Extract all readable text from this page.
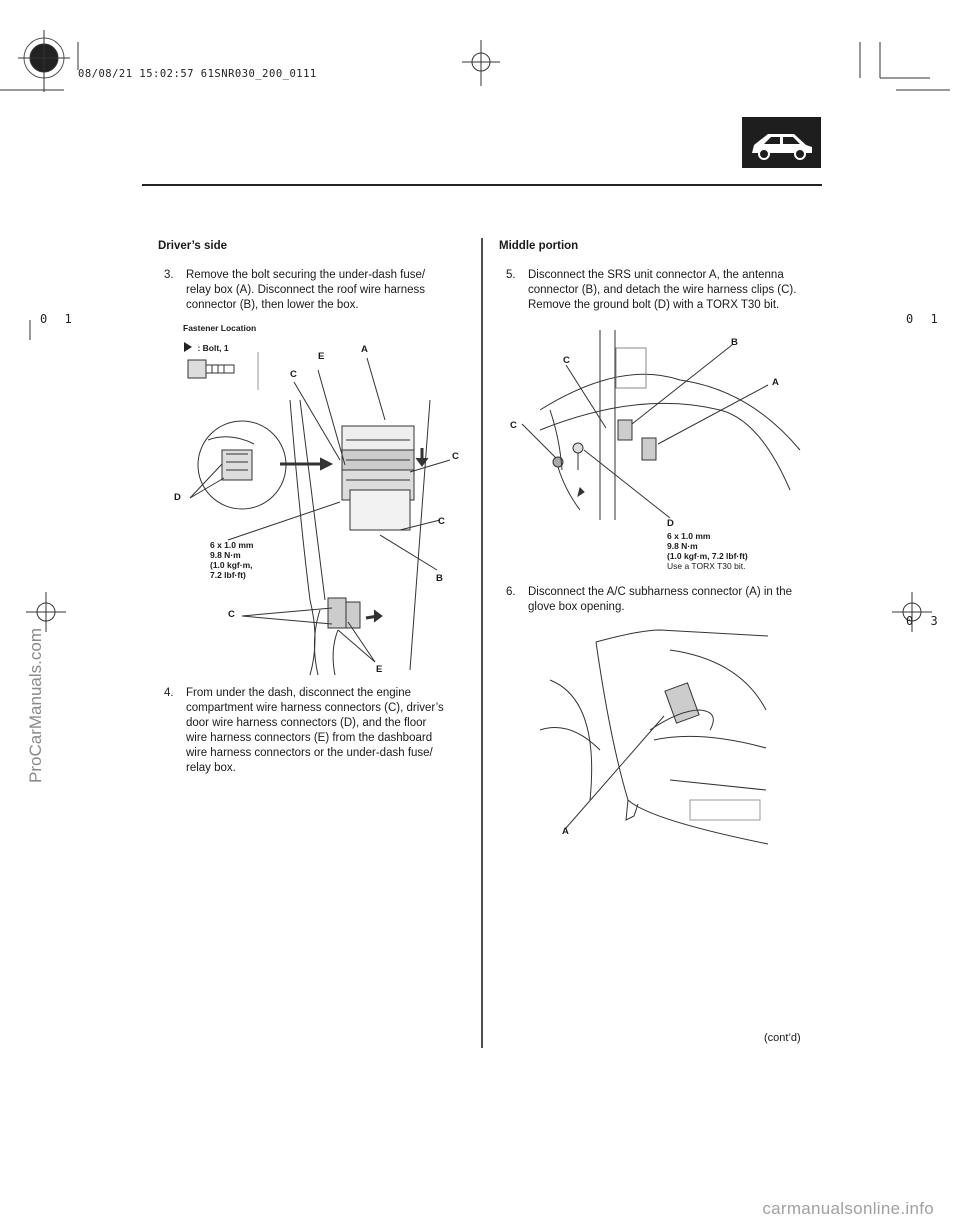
08/08/21 15:02:57 61SNR030_200_0111
0 1	0 1
0 3
ProCarManuals.com
Driver’s side
3. Remove the bolt securing the under-dash fuse/
relay box (A). Disconnect the roof wire harness
connector (B), then lower the box.
Fastener Location
: Bolt, 1
E
A
C
C
D
C
B
C
E
6 x 1.0 mm
9.8 N·m
(1.0 kgf·m,
7.2 lbf·ft)
4. From under the dash, disconnect the engine
compartment wire harness connectors (C), driver’s
door wire harness connectors (D), and the floor
wire harness connectors (E) from the dashboard
wire harness connectors or the under-dash fuse/
relay box.
Middle portion
5. Disconnect the SRS unit connector A, the antenna
connector (B), and detach the wire harness clips (C).
Remove the ground bolt (D) with a TORX T30 bit.
B
C
A
C
D
6 x 1.0 mm
9.8 N·m
(1.0 kgf·m, 7.2 lbf·ft)
Use a TORX T30 bit.
6. Disconnect the A/C subharness connector (A) in the
glove box opening.
A
(cont’d)
carmanualsonline.info
